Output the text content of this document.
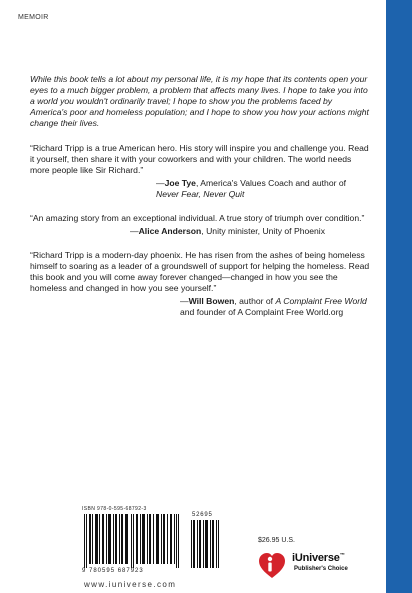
MEMOIR

While this book tells a lot about my personal life, it is my hope that its contents open your eyes to a much bigger problem, a problem that affects many lives. I hope to take you into a world you wouldn't ordinarily travel; I hope to show you the problems faced by America's poor and homeless population; and I hope to show you how your actions might change their lives.

“Richard Tripp is a true American hero. His story will inspire you and challenge you. Read it yourself, then share it with your coworkers and with your children. The world needs more people like Sir Richard.”
—Joe Tye, America's Values Coach and author of Never Fear, Never Quit
“An amazing story from an exceptional individual. A true story of triumph over condition.”
—Alice Anderson, Unity minister, Unity of Phoenix
“Richard Tripp is a modern-day phoenix. He has risen from the ashes of being homeless himself to soaring as a leader of a groundswell of support for helping the homeless. Read this book and you will come away forever changed—changed in how you see the homeless and changed in how you see yourself.”
—Will Bowen, author of A Complaint Free World
and founder of A Complaint Free World.org
ISBN 978-0-595-68792-3
9 780595 687923
52695
www.iuniverse.com
$26.95 U.S.
iUniverse™
Publisher's Choice
